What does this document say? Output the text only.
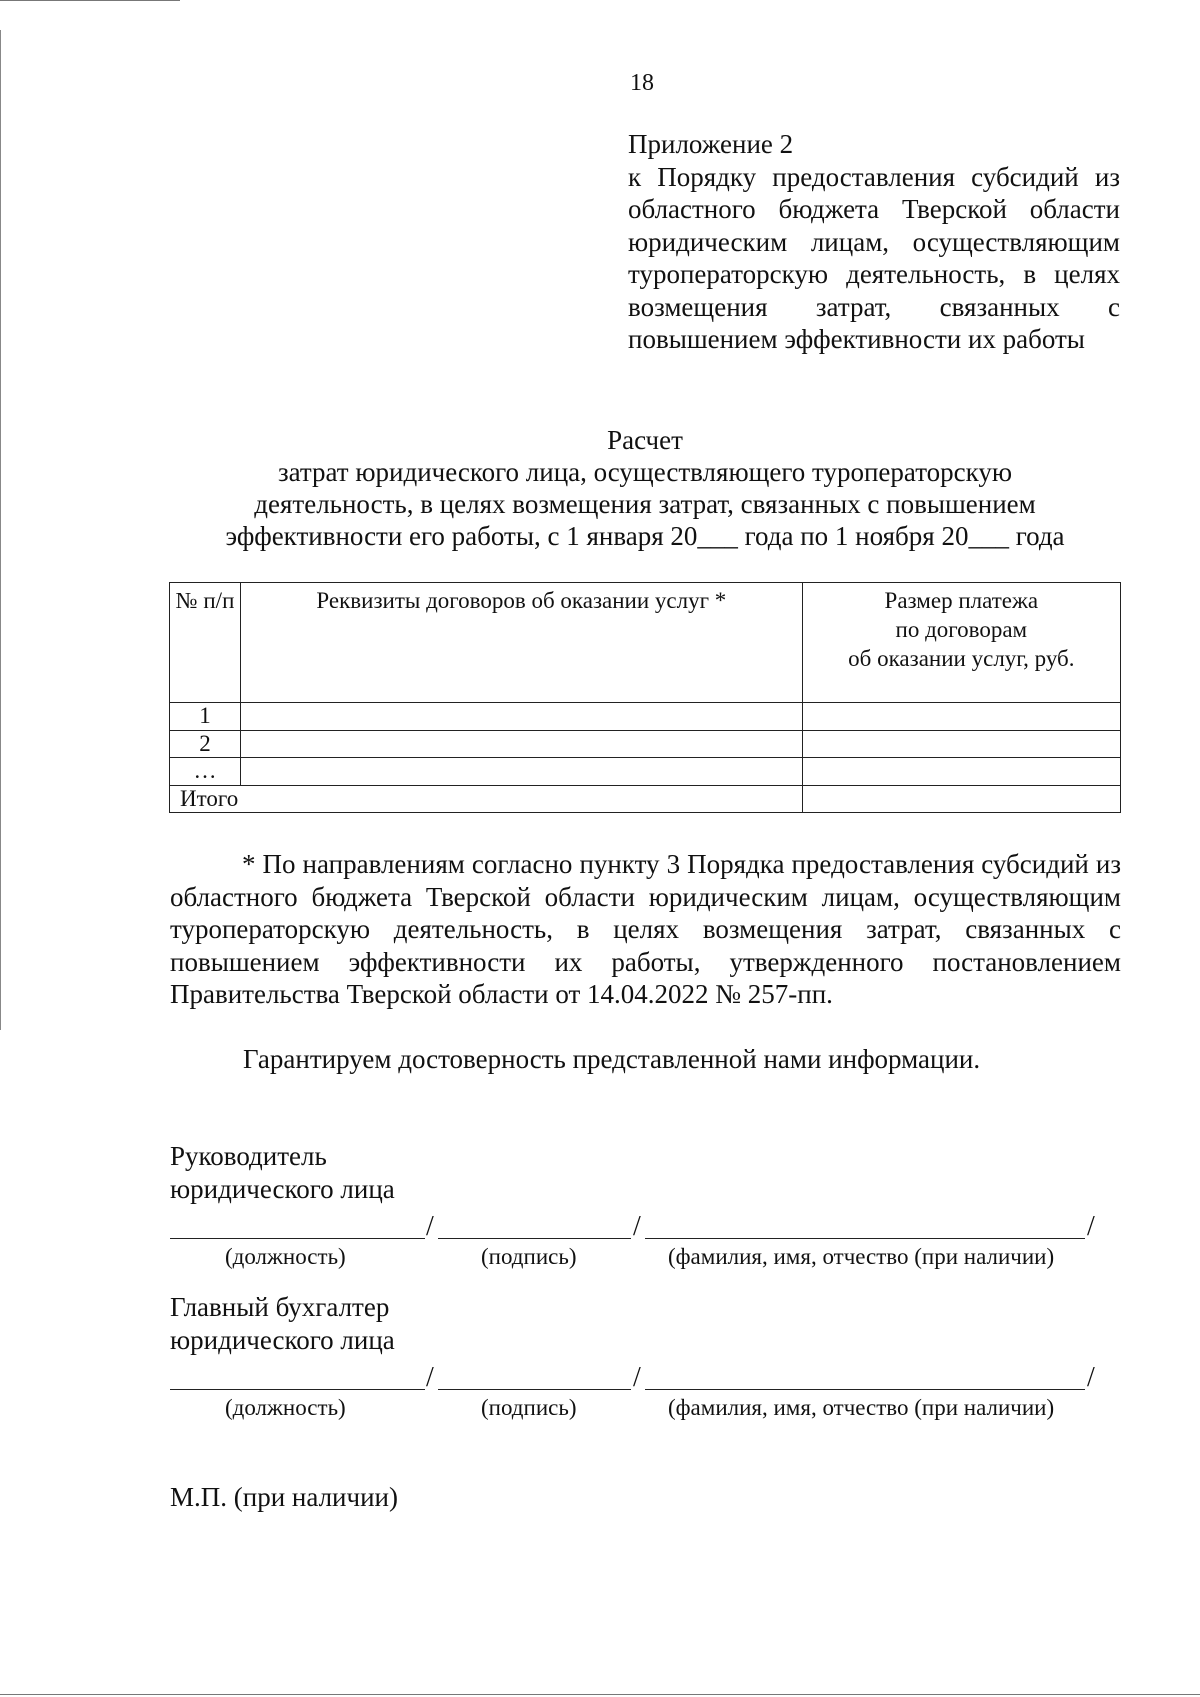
18
Приложение 2
к Порядку предоставления субсидий из областного бюджета Тверской области юридическим лицам, осуществляющим туроператорскую деятельность, в целях возмещения затрат, связанных с повышением эффективности их работы
Расчет
затрат юридического лица, осуществляющего туроператорскую
деятельность, в целях возмещения затрат, связанных с повышением
эффективности его работы, с 1 января 20___ года по 1 ноября 20___ года
№ п/п	Реквизиты договоров об оказании услуг *	Размер платежа
по договорам
об оказании услуг, руб.
1		
2		
…		
Итого		
* По направлениям согласно пункту 3 Порядка предоставления субсидий из областного бюджета Тверской области юридическим лицам, осуществляющим туроператорскую деятельность, в целях возмещения затрат, связанных с повышением эффективности их работы, утвержденного постановлением Правительства Тверской области от 14.04.2022 № 257-пп.
Гарантируем достоверность представленной нами информации.
Руководитель
юридического лица
/	/	/
(должность)	(подпись)	(фамилия, имя, отчество (при наличии)
Главный бухгалтер
юридического лица
/	/	/
(должность)	(подпись)	(фамилия, имя, отчество (при наличии)
М.П. (при наличии)
